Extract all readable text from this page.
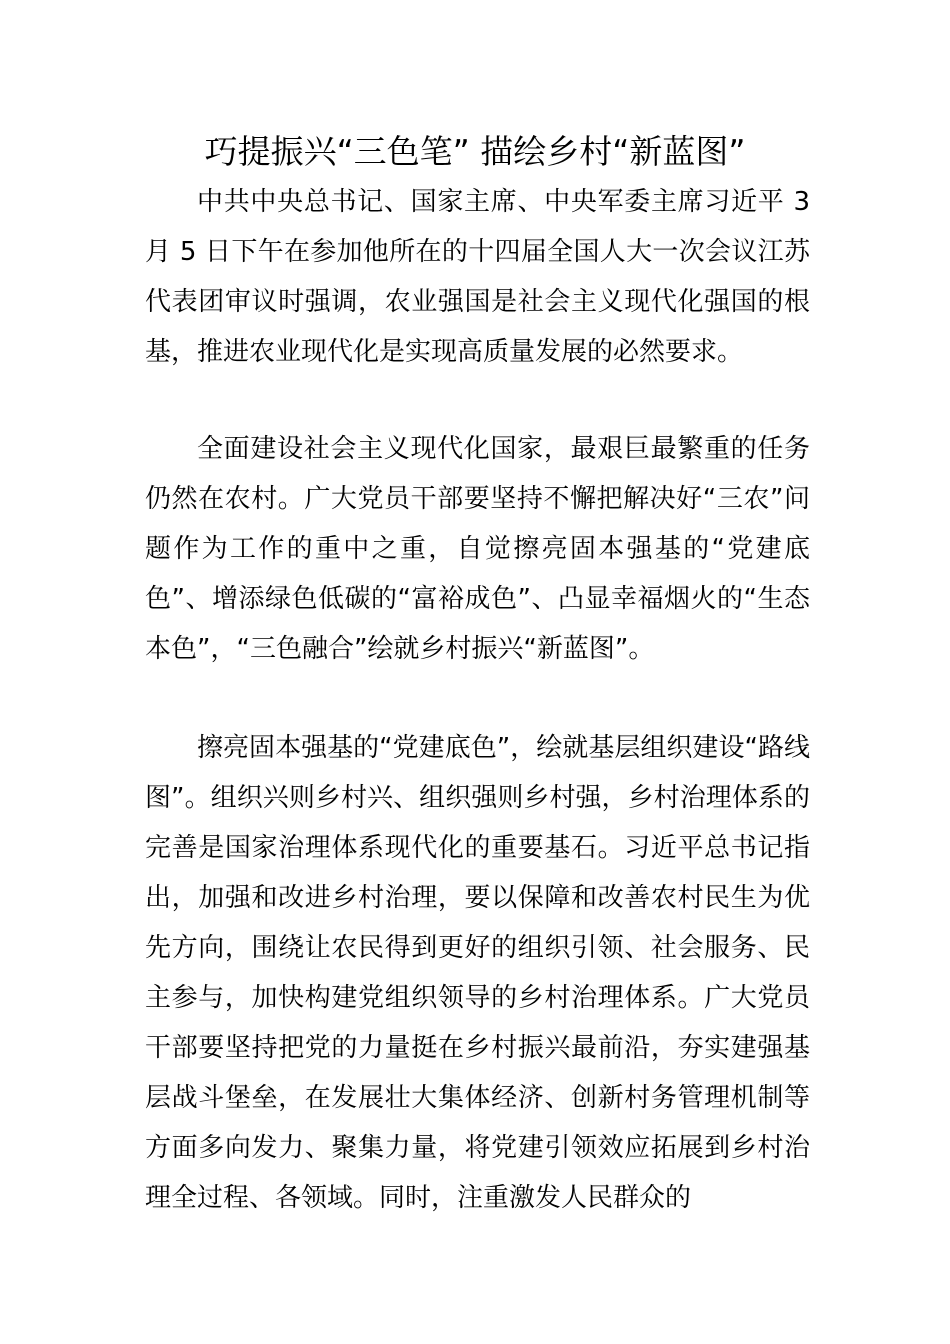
巧提振兴“三色笔” 描绘乡村“新蓝图”

中共中央总书记、国家主席、中央军委主席习近平 3 月 5 日下午在参加他所在的十四届全国人大一次会议江苏代表团审议时强调，农业强国是社会主义现代化强国的根基，推进农业现代化是实现高质量发展的必然要求。

全面建设社会主义现代化国家，最艰巨最繁重的任务仍然在农村。广大党员干部要坚持不懈把解决好“三农”问题作为工作的重中之重，自觉擦亮固本强基的“党建底色”、增添绿色低碳的“富裕成色”、凸显幸福烟火的“生态本色”，“三色融合”绘就乡村振兴“新蓝图”。

擦亮固本强基的“党建底色”，绘就基层组织建设“路线图”。组织兴则乡村兴、组织强则乡村强，乡村治理体系的完善是国家治理体系现代化的重要基石。习近平总书记指出，加强和改进乡村治理，要以保障和改善农村民生为优先方向，围绕让农民得到更好的组织引领、社会服务、民主参与，加快构建党组织领导的乡村治理体系。广大党员干部要坚持把党的力量挺在乡村振兴最前沿，夯实建强基层战斗堡垒，在发展壮大集体经济、创新村务管理机制等方面多向发力、聚集力量，将党建引领效应拓展到乡村治理全过程、各领域。同时，注重激发人民群众的
